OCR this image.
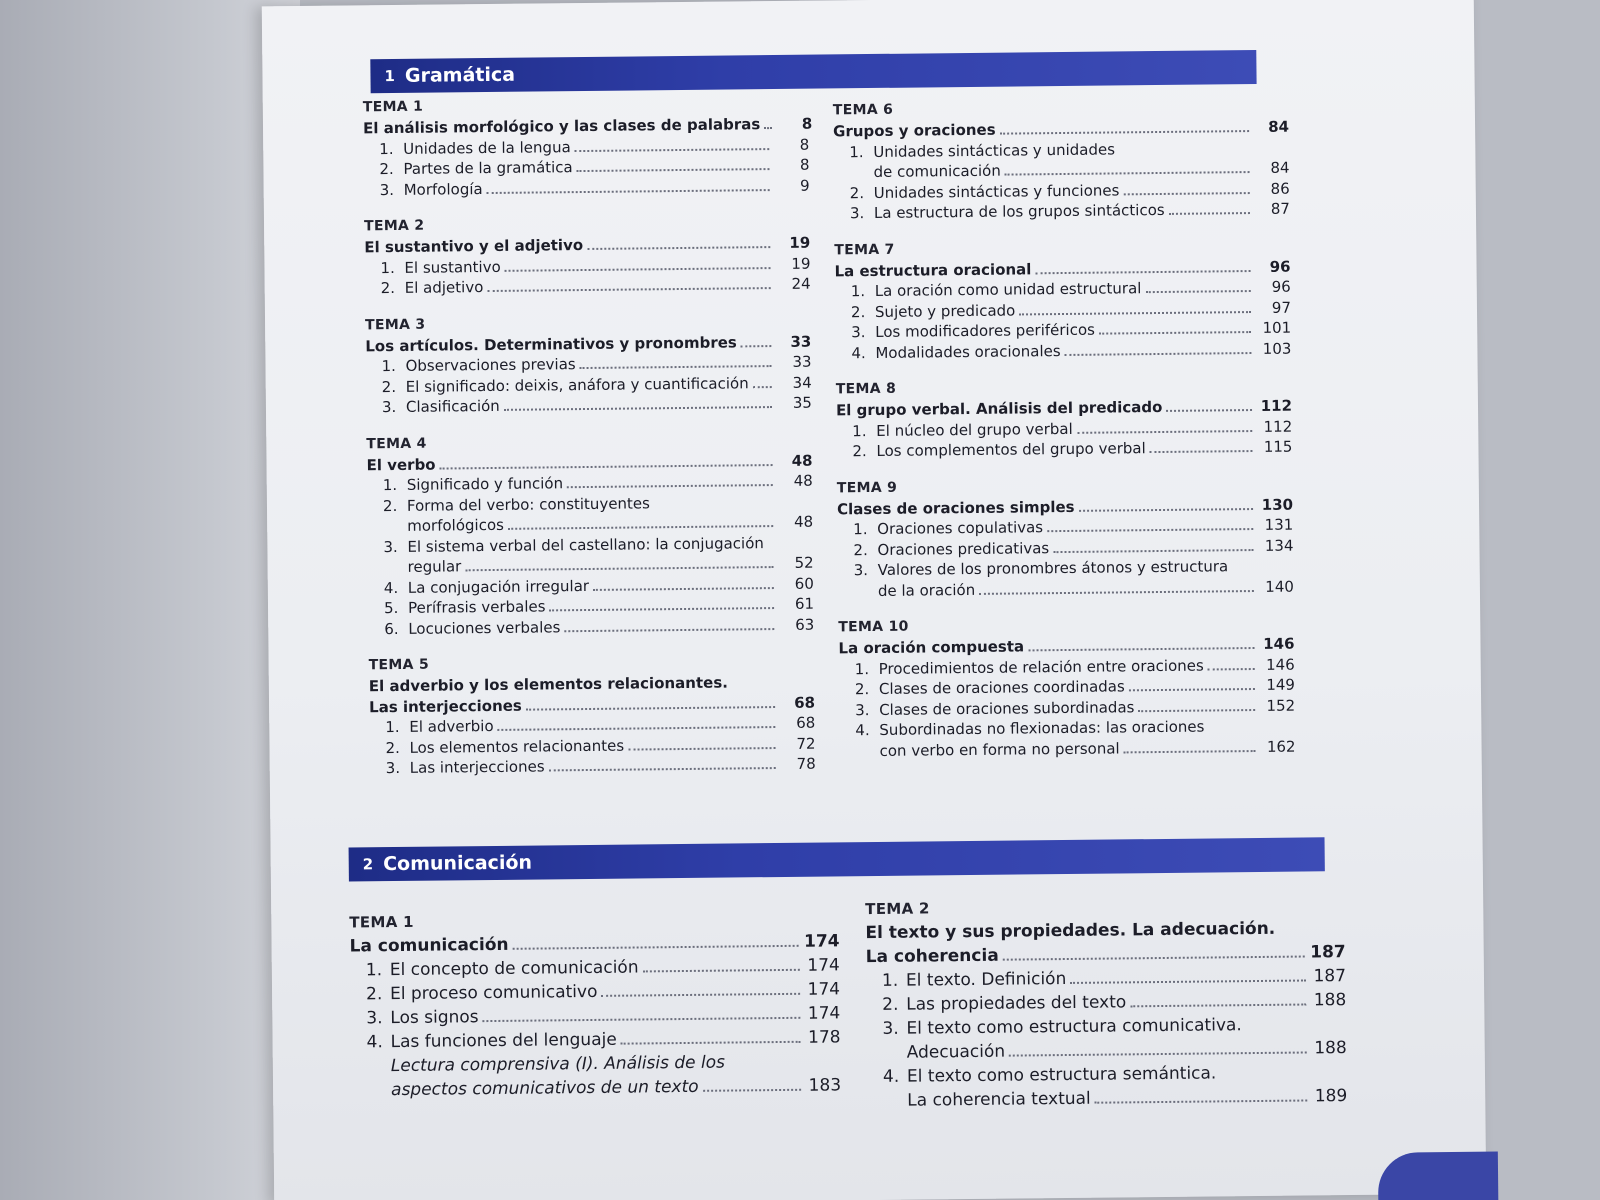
1 Gramática
TEMA 1
El análisis morfológico y las clases de palabras	8
1. Unidades de la lengua	8
2. Partes de la gramática	8
3. Morfología	9
TEMA 2
El sustantivo y el adjetivo	19
1. El sustantivo	19
2. El adjetivo	24
TEMA 3
Los artículos. Determinativos y pronombres	33
1. Observaciones previas	33
2. El significado: deixis, anáfora y cuantificación	34
3. Clasificación	35
TEMA 4
El verbo	48
1. Significado y función	48
2. Forma del verbo: constituyentes
morfológicos	48
3. El sistema verbal del castellano: la conjugación
regular	52
4. La conjugación irregular	60
5. Perífrasis verbales	61
6. Locuciones verbales	63
TEMA 5
El adverbio y los elementos relacionantes.
Las interjecciones	68
1. El adverbio	68
2. Los elementos relacionantes	72
3. Las interjecciones	78
TEMA 6
Grupos y oraciones	84
1. Unidades sintácticas y unidades
de comunicación	84
2. Unidades sintácticas y funciones	86
3. La estructura de los grupos sintácticos	87
TEMA 7
La estructura oracional	96
1. La oración como unidad estructural	96
2. Sujeto y predicado	97
3. Los modificadores periféricos	101
4. Modalidades oracionales	103
TEMA 8
El grupo verbal. Análisis del predicado	112
1. El núcleo del grupo verbal	112
2. Los complementos del grupo verbal	115
TEMA 9
Clases de oraciones simples	130
1. Oraciones copulativas	131
2. Oraciones predicativas	134
3. Valores de los pronombres átonos y estructura
de la oración	140
TEMA 10
La oración compuesta	146
1. Procedimientos de relación entre oraciones	146
2. Clases de oraciones coordinadas	149
3. Clases de oraciones subordinadas	152
4. Subordinadas no flexionadas: las oraciones
con verbo en forma no personal	162
2 Comunicación
TEMA 1
La comunicación	174
1. El concepto de comunicación	174
2. El proceso comunicativo	174
3. Los signos	174
4. Las funciones del lenguaje	178
Lectura comprensiva (I). Análisis de los
aspectos comunicativos de un texto	183
TEMA 2
El texto y sus propiedades. La adecuación.
La coherencia	187
1. El texto. Definición	187
2. Las propiedades del texto	188
3. El texto como estructura comunicativa.
Adecuación	188
4. El texto como estructura semántica.
La coherencia textual	189
